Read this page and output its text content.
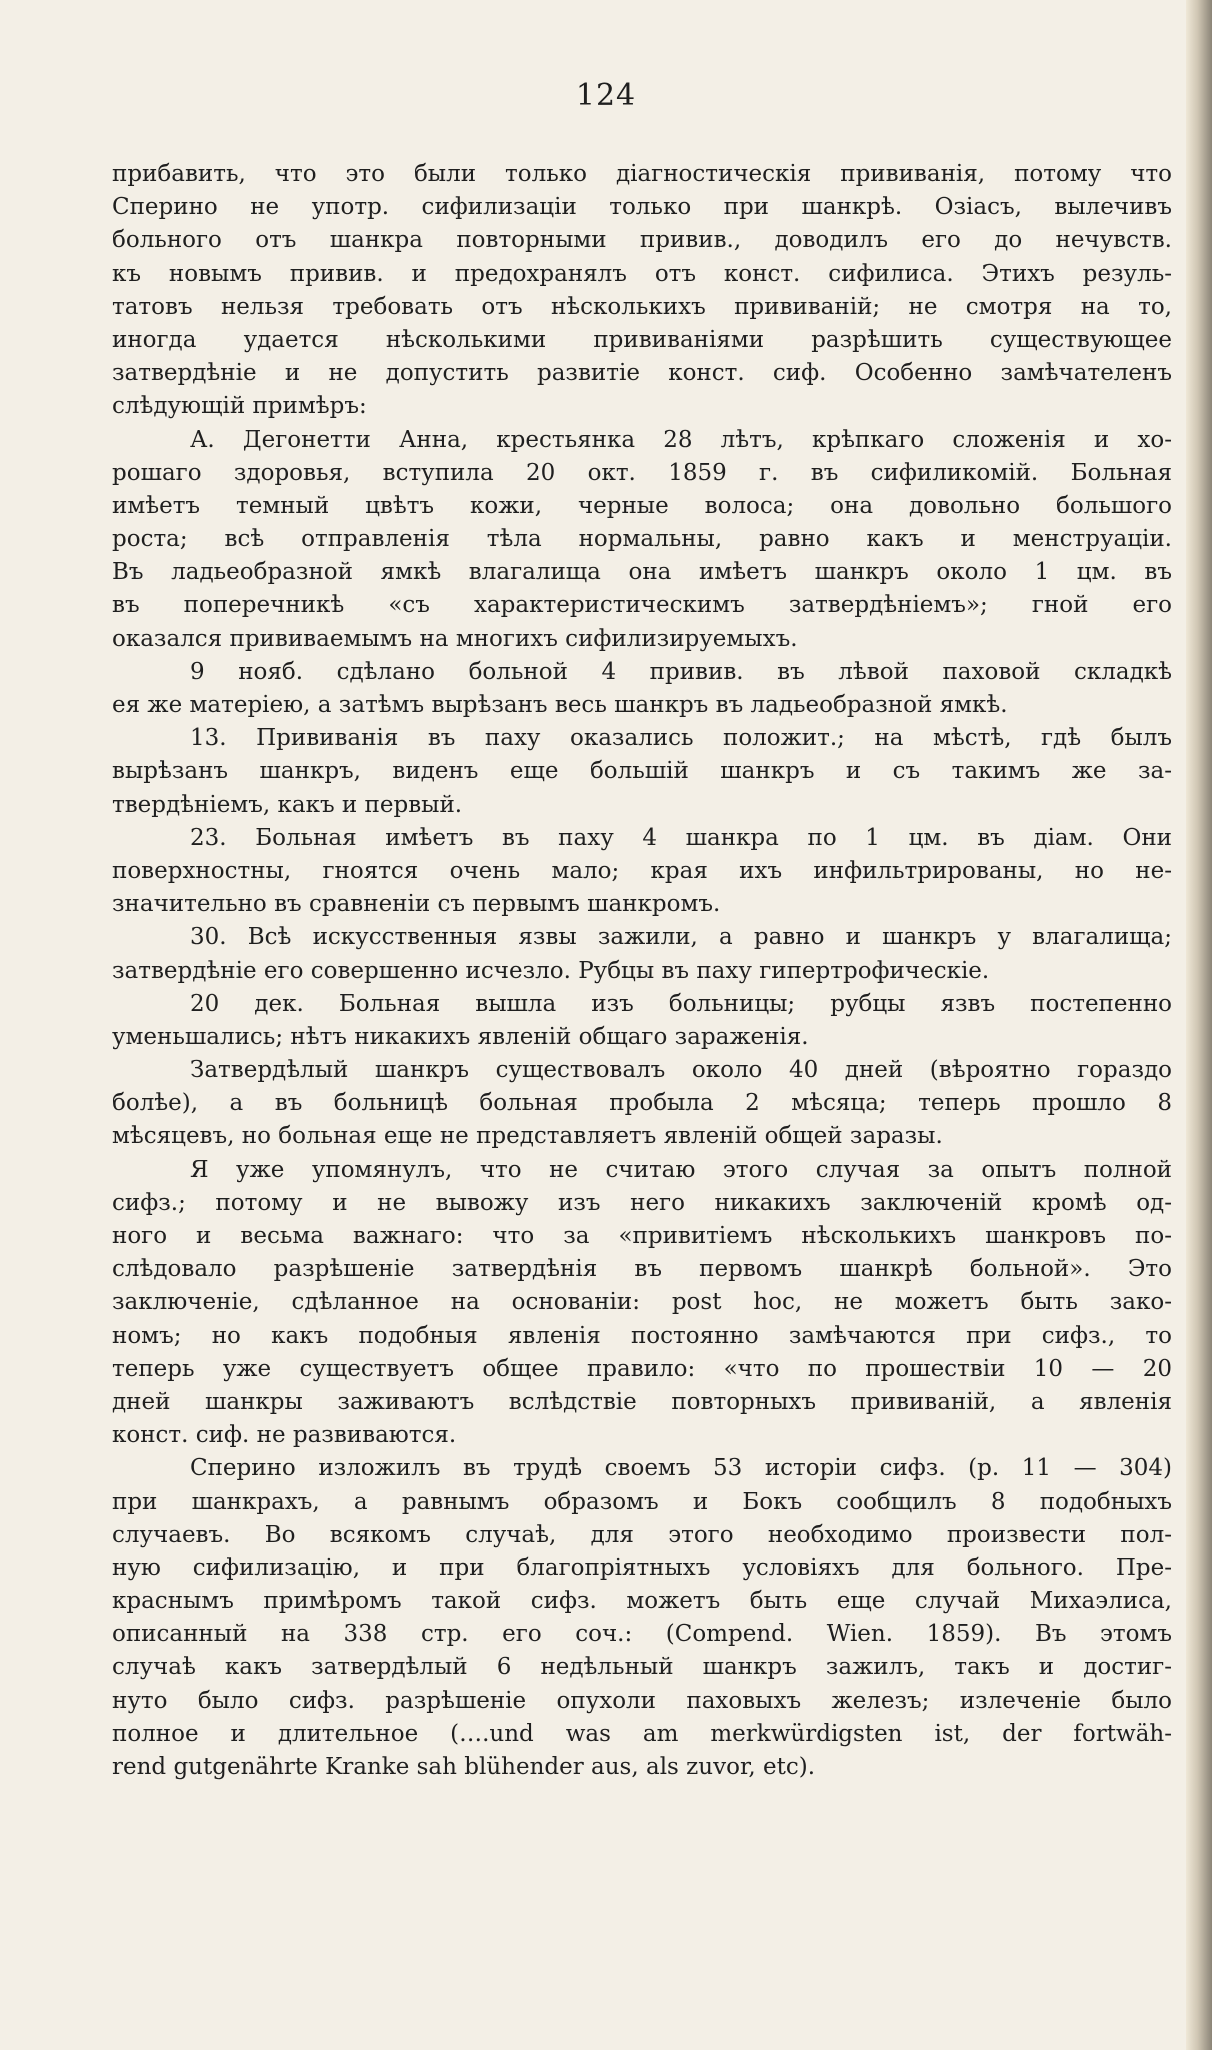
124
прибавить, что это были только діагностическія прививанія, потому что
Сперино не употр. сифилизаціи только при шанкрѣ. Озіасъ, вылечивъ
больного отъ шанкра повторными привив., доводилъ его до нечувств.
къ новымъ привив. и предохранялъ отъ конст. сифилиса. Этихъ резуль-
татовъ нельзя требовать отъ нѣсколькихъ прививаній; не смотря на то,
иногда удается нѣсколькими прививаніями разрѣшить существующее
затвердѣніе и не допустить развитіе конст. сиф. Особенно замѣчателенъ
слѣдующій примѣръ:
А. Дегонетти Анна, крестьянка 28 лѣтъ, крѣпкаго сложенія и хо-
рошаго здоровья, вступила 20 окт. 1859 г. въ сифиликомій. Больная
имѣетъ темный цвѣтъ кожи, черные волоса; она довольно большого
роста; всѣ отправленія тѣла нормальны, равно какъ и менструаціи.
Въ ладьеобразной ямкѣ влагалища она имѣетъ шанкръ около 1 цм. въ
въ поперечникѣ «съ характеристическимъ затвердѣніемъ»; гной его
оказался прививаемымъ на многихъ сифилизируемыхъ.
9 нояб. сдѣлано больной 4 привив. въ лѣвой паховой складкѣ
ея же матеріею, а затѣмъ вырѣзанъ весь шанкръ въ ладьеобразной ямкѣ.
13. Прививанія въ паху оказались положит.; на мѣстѣ, гдѣ былъ
вырѣзанъ шанкръ, виденъ еще большій шанкръ и съ такимъ же за-
твердѣніемъ, какъ и первый.
23. Больная имѣетъ въ паху 4 шанкра по 1 цм. въ діам. Они
поверхностны, гноятся очень мало; края ихъ инфильтрированы, но не-
значительно въ сравненіи съ первымъ шанкромъ.
30. Всѣ искусственныя язвы зажили, а равно и шанкръ у влагалища;
затвердѣніе его совершенно исчезло. Рубцы въ паху гипертрофическіе.
20 дек. Больная вышла изъ больницы; рубцы язвъ постепенно
уменьшались; нѣтъ никакихъ явленій общаго зараженія.
Затвердѣлый шанкръ существовалъ около 40 дней (вѣроятно гораздо
болѣе), а въ больницѣ больная пробыла 2 мѣсяца; теперь прошло 8
мѣсяцевъ, но больная еще не представляетъ явленій общей заразы.
Я уже упомянулъ, что не считаю этого случая за опытъ полной
сифз.; потому и не вывожу изъ него никакихъ заключеній кромѣ од-
ного и весьма важнаго: что за «привитіемъ нѣсколькихъ шанкровъ по-
слѣдовало разрѣшеніе затвердѣнія въ первомъ шанкрѣ больной». Это
заключеніе, сдѣланное на основаніи: post hoc, не можетъ быть зако-
номъ; но какъ подобныя явленія постоянно замѣчаются при сифз., то
теперь уже существуетъ общее правило: «что по прошествіи 10 — 20
дней шанкры заживаютъ вслѣдствіе повторныхъ прививаній, а явленія
конст. сиф. не развиваются.
Сперино изложилъ въ трудѣ своемъ 53 исторіи сифз. (p. 11 — 304)
при шанкрахъ, а равнымъ образомъ и Бокъ сообщилъ 8 подобныхъ
случаевъ. Во всякомъ случаѣ, для этого необходимо произвести пол-
ную сифилизацію, и при благопріятныхъ условіяхъ для больного. Пре-
краснымъ примѣромъ такой сифз. можетъ быть еще случай Михаэлиса,
описанный на 338 стр. его соч.: (Compend. Wien. 1859). Въ этомъ
случаѣ какъ затвердѣлый 6 недѣльный шанкръ зажилъ, такъ и достиг-
нуто было сифз. разрѣшеніе опухоли паховыхъ железъ; излеченіе было
полное и длительное (….und was am merkwürdigsten ist, der fortwäh-
rend gutgenährte Kranke sah blühender aus, als zuvor, etc).
